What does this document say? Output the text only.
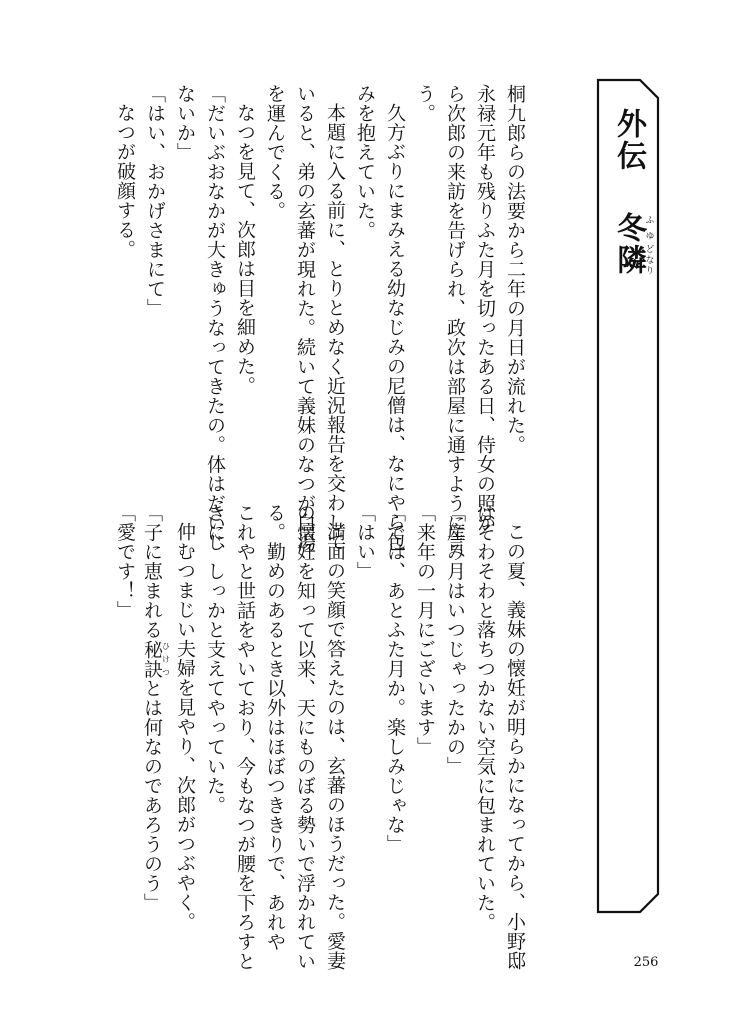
外伝冬ふゆ隣どなり
桐九郎らの法要から二年の月日が流れた。
永禄元年も残りふた月を切ったある日、侍女の照か
ら次郎の来訪を告げられ、政次は部屋に通すように言
う。
久方ぶりにまみえる幼なじみの尼僧は、なにやら包
みを抱えていた。
本題に入る前に、とりとめなく近況報告を交わして
いると、弟の玄蕃が現れた。続いて義妹のなつが白湯
を運んでくる。
なつを見て、次郎は目を細めた。
「だいぶおなかが大きゅうなってきたの。体はだいじ
ないか」
「はい、おかげさまにて」
なつが破顔する。
この夏、義妹の懐妊が明らかになってから、小野邸
はそわそわと落ちつかない空気に包まれていた。
「産み月はいつじゃったかの」
「来年の一月にございます」
「では、あとふた月か。楽しみじゃな」
「はい」
満面の笑顔で答えたのは、玄蕃のほうだった。愛妻
の懐妊を知って以来、天にものぼる勢いで浮かれてい
る。勤めのあるとき以外はほぼつききりで、あれや
これやと世話をやいており、今もなつが腰を下ろすと
きに、しっかと支えてやっていた。
仲むつまじい夫婦を見やり、次郎がつぶやく。
「子に恵まれる秘訣ひけつとは何なのであろうのう」
「愛です！」
256
